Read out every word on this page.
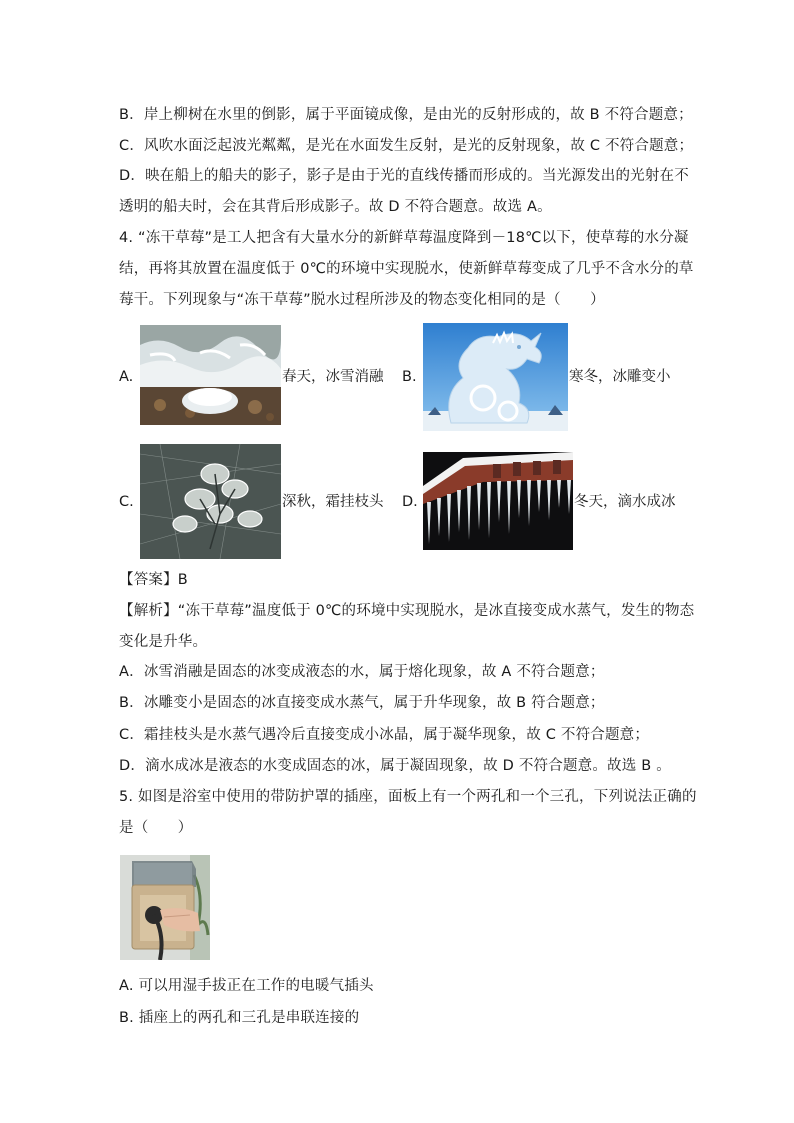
B．岸上柳树在水里的倒影，属于平面镜成像，是由光的反射形成的，故 B 不符合题意；
C．风吹水面泛起波光粼粼，是光在水面发生反射，是光的反射现象，故 C 不符合题意；
D．映在船上的船夫的影子，影子是由于光的直线传播而形成的。当光源发出的光射在不
透明的船夫时，会在其背后形成影子。故 D 不符合题意。故选 A。
4. “冻干草莓”是工人把含有大量水分的新鲜草莓温度降到－18℃以下，使草莓的水分凝
结，再将其放置在温度低于 0℃的环境中实现脱水，使新鲜草莓变成了几乎不含水分的草
莓干。下列现象与“冻干草莓”脱水过程所涉及的物态变化相同的是（　　）
A.	春天，冰雪消融 B.	寒冬，冰雕变小
C.	深秋，霜挂枝头 D.	冬天，滴水成冰
【答案】B
【解析】“冻干草莓”温度低于 0℃的环境中实现脱水，是冰直接变成水蒸气，发生的物态
变化是升华。
A．冰雪消融是固态的冰变成液态的水，属于熔化现象，故 A 不符合题意；
B．冰雕变小是固态的冰直接变成水蒸气，属于升华现象，故 B 符合题意；
C．霜挂枝头是水蒸气遇冷后直接变成小冰晶，属于凝华现象，故 C 不符合题意；
D．滴水成冰是液态的水变成固态的冰，属于凝固现象，故 D 不符合题意。故选 B 。
5. 如图是浴室中使用的带防护罩的插座，面板上有一个两孔和一个三孔，下列说法正确的
是（　　）
A. 可以用湿手拔正在工作的电暖气插头
B. 插座上的两孔和三孔是串联连接的
